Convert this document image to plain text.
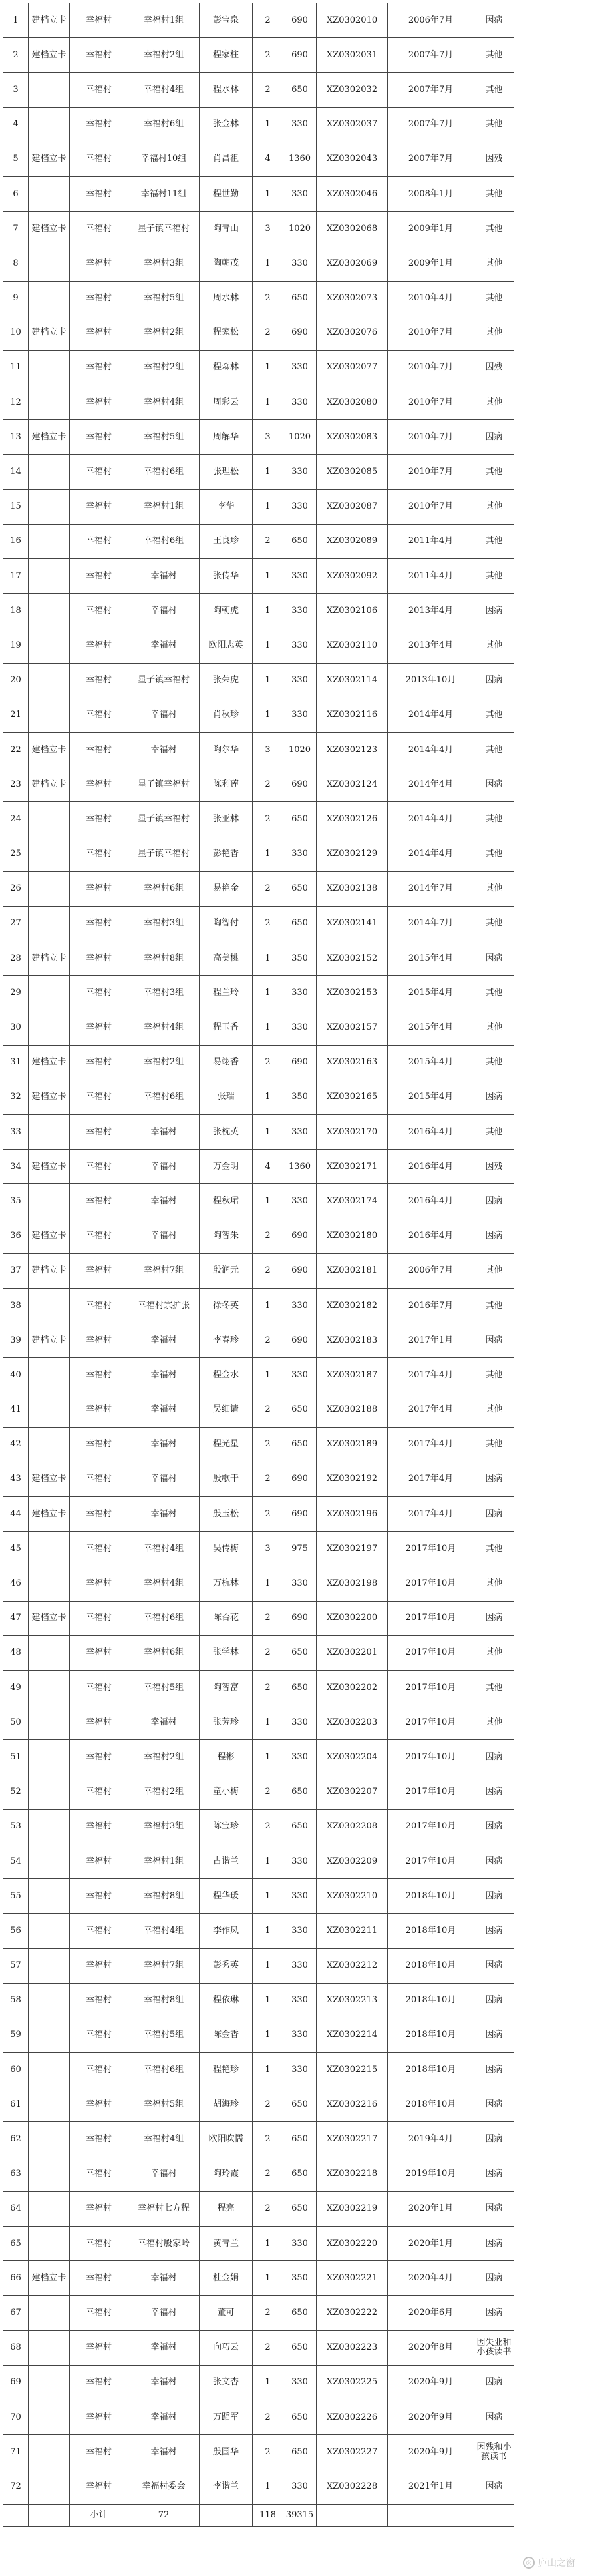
1	建档立卡	幸福村	幸福村1组	彭宝泉	2	690	XZ0302010	2006年7月	因病
2	建档立卡	幸福村	幸福村2组	程家柱	2	690	XZ0302031	2007年7月	其他
3		幸福村	幸福村4组	程水林	2	650	XZ0302032	2007年7月	其他
4		幸福村	幸福村6组	张金林	1	330	XZ0302037	2007年7月	其他
5	建档立卡	幸福村	幸福村10组	肖昌祖	4	1360	XZ0302043	2007年7月	因残
6		幸福村	幸福村11组	程世勤	1	330	XZ0302046	2008年1月	其他
7	建档立卡	幸福村	星子镇幸福村	陶青山	3	1020	XZ0302068	2009年1月	其他
8		幸福村	幸福村3组	陶朝茂	1	330	XZ0302069	2009年1月	其他
9		幸福村	幸福村5组	周水林	2	650	XZ0302073	2010年4月	其他
10	建档立卡	幸福村	幸福村2组	程家松	2	690	XZ0302076	2010年7月	其他
11		幸福村	幸福村2组	程森林	1	330	XZ0302077	2010年7月	因残
12		幸福村	幸福村4组	周彩云	1	330	XZ0302080	2010年7月	其他
13	建档立卡	幸福村	幸福村5组	周解华	3	1020	XZ0302083	2010年7月	因病
14		幸福村	幸福村6组	张理松	1	330	XZ0302085	2010年7月	其他
15		幸福村	幸福村1组	李华	1	330	XZ0302087	2010年7月	其他
16		幸福村	幸福村6组	王良珍	2	650	XZ0302089	2011年4月	其他
17		幸福村	幸福村	张传华	1	330	XZ0302092	2011年4月	其他
18		幸福村	幸福村	陶朝虎	1	330	XZ0302106	2013年4月	因病
19		幸福村	幸福村	欧阳志英	1	330	XZ0302110	2013年4月	其他
20		幸福村	星子镇幸福村	张荣虎	1	330	XZ0302114	2013年10月	因病
21		幸福村	幸福村	肖秋珍	1	330	XZ0302116	2014年4月	其他
22	建档立卡	幸福村	幸福村	陶尔华	3	1020	XZ0302123	2014年4月	其他
23	建档立卡	幸福村	星子镇幸福村	陈利莲	2	690	XZ0302124	2014年4月	因病
24		幸福村	星子镇幸福村	张亚林	2	650	XZ0302126	2014年4月	其他
25		幸福村	星子镇幸福村	彭艳香	1	330	XZ0302129	2014年4月	其他
26		幸福村	幸福村6组	易艳金	2	650	XZ0302138	2014年7月	其他
27		幸福村	幸福村3组	陶智付	2	650	XZ0302141	2014年7月	其他
28	建档立卡	幸福村	幸福村8组	高美桃	1	350	XZ0302152	2015年4月	因病
29		幸福村	幸福村3组	程兰玲	1	330	XZ0302153	2015年4月	其他
30		幸福村	幸福村4组	程玉香	1	330	XZ0302157	2015年4月	其他
31	建档立卡	幸福村	幸福村2组	易翊香	2	690	XZ0302163	2015年4月	其他
32	建档立卡	幸福村	幸福村6组	张瑞	1	350	XZ0302165	2015年4月	因病
33		幸福村	幸福村	张枕英	1	330	XZ0302170	2016年4月	其他
34	建档立卡	幸福村	幸福村	万金明	4	1360	XZ0302171	2016年4月	因残
35		幸福村	幸福村	程秋珺	1	330	XZ0302174	2016年4月	因病
36	建档立卡	幸福村	幸福村	陶智朱	2	690	XZ0302180	2016年4月	因病
37	建档立卡	幸福村	幸福村7组	殷润元	2	690	XZ0302181	2006年7月	其他
38		幸福村	幸福村宗扩张	徐冬英	1	330	XZ0302182	2016年7月	其他
39	建档立卡	幸福村	幸福村	李春珍	2	690	XZ0302183	2017年1月	因病
40		幸福村	幸福村	程金水	1	330	XZ0302187	2017年4月	其他
41		幸福村	幸福村	吴细请	2	650	XZ0302188	2017年4月	其他
42		幸福村	幸福村	程光星	2	650	XZ0302189	2017年4月	其他
43	建档立卡	幸福村	幸福村	殷歌干	2	690	XZ0302192	2017年4月	因病
44	建档立卡	幸福村	幸福村	殷玉松	2	690	XZ0302196	2017年4月	因病
45		幸福村	幸福村4组	吴传梅	3	975	XZ0302197	2017年10月	其他
46		幸福村	幸福村4组	万杭林	1	330	XZ0302198	2017年10月	其他
47	建档立卡	幸福村	幸福村6组	陈否花	2	690	XZ0302200	2017年10月	因病
48		幸福村	幸福村6组	张学林	2	650	XZ0302201	2017年10月	其他
49		幸福村	幸福村5组	陶智富	2	650	XZ0302202	2017年10月	其他
50		幸福村	幸福村	张芳珍	1	330	XZ0302203	2017年10月	其他
51		幸福村	幸福村2组	程彬	1	330	XZ0302204	2017年10月	因病
52		幸福村	幸福村2组	童小梅	2	650	XZ0302207	2017年10月	因病
53		幸福村	幸福村3组	陈宝珍	2	650	XZ0302208	2017年10月	因病
54		幸福村	幸福村1组	占谐兰	1	330	XZ0302209	2017年10月	因病
55		幸福村	幸福村8组	程华瑗	1	330	XZ0302210	2018年10月	因病
56		幸福村	幸福村4组	李作凤	1	330	XZ0302211	2018年10月	因病
57		幸福村	幸福村7组	彭秀英	1	330	XZ0302212	2018年10月	因病
58		幸福村	幸福村8组	程依琳	1	330	XZ0302213	2018年10月	因病
59		幸福村	幸福村5组	陈金香	1	330	XZ0302214	2018年10月	因病
60		幸福村	幸福村6组	程艳珍	1	330	XZ0302215	2018年10月	因病
61		幸福村	幸福村5组	胡海珍	2	650	XZ0302216	2018年10月	因病
62		幸福村	幸福村4组	欧阳吹懦	2	650	XZ0302217	2019年4月	因病
63		幸福村	幸福村	陶玲霞	2	650	XZ0302218	2019年10月	因病
64		幸福村	幸福村七方程	程亮	2	650	XZ0302219	2020年1月	因病
65		幸福村	幸福村殷家岭	黄青兰	1	330	XZ0302220	2020年1月	因病
66	建档立卡	幸福村	幸福村	杜金娟	1	350	XZ0302221	2020年4月	因病
67		幸福村	幸福村	董可	2	650	XZ0302222	2020年6月	因病
68		幸福村	幸福村	向巧云	2	650	XZ0302223	2020年8月	因失业和小孩读书
69		幸福村	幸福村	张文杏	1	330	XZ0302225	2020年9月	因病
70		幸福村	幸福村	万蹈军	2	650	XZ0302226	2020年9月	因病
71		幸福村	幸福村	殷国华	2	650	XZ0302227	2020年9月	因残和小孩读书
72		幸福村	幸福村委会	李谐兰	1	330	XZ0302228	2021年1月	因病
		小计	72		118	39315			
◎ 庐山之窗
